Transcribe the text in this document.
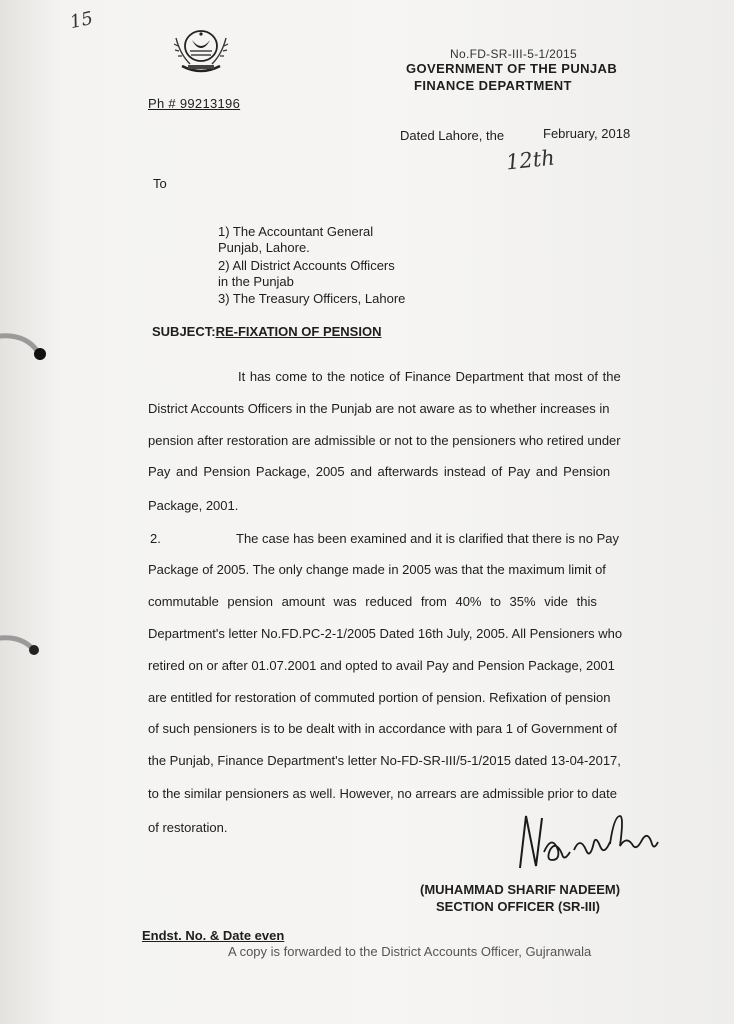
15
No.FD-SR-III-5-1/2015
GOVERNMENT OF THE PUNJAB
FINANCE DEPARTMENT
Ph # 99213196
Dated Lahore, the	February, 2018
12th
To
1) The Accountant General
Punjab, Lahore.
2) All District Accounts Officers
in the Punjab
3) The Treasury Officers, Lahore
SUBJECT:RE-FIXATION OF PENSION
It has come to the notice of Finance Department that most of the
District Accounts Officers in the Punjab are not aware as to whether increases in
pension after restoration are admissible or not to the pensioners who retired under
Pay and Pension Package, 2005 and afterwards instead of Pay and Pension
Package, 2001.
2.	The case has been examined and it is clarified that there is no Pay
Package of 2005. The only change made in 2005 was that the maximum limit of
commutable pension amount was reduced from 40% to 35% vide this
Department's letter No.FD.PC-2-1/2005 Dated 16th July, 2005. All Pensioners who
retired on or after 01.07.2001 and opted to avail Pay and Pension Package, 2001
are entitled for restoration of commuted portion of pension. Refixation of pension
of such pensioners is to be dealt with in accordance with para 1 of Government of
the Punjab, Finance Department's letter No-FD-SR-III/5-1/2015 dated 13-04-2017,
to the similar pensioners as well. However, no arrears are admissible prior to date
of restoration.
(MUHAMMAD SHARIF NADEEM)
SECTION OFFICER (SR-III)
Endst. No. & Date even
A copy is forwarded to the District Accounts Officer, Gujranwala
